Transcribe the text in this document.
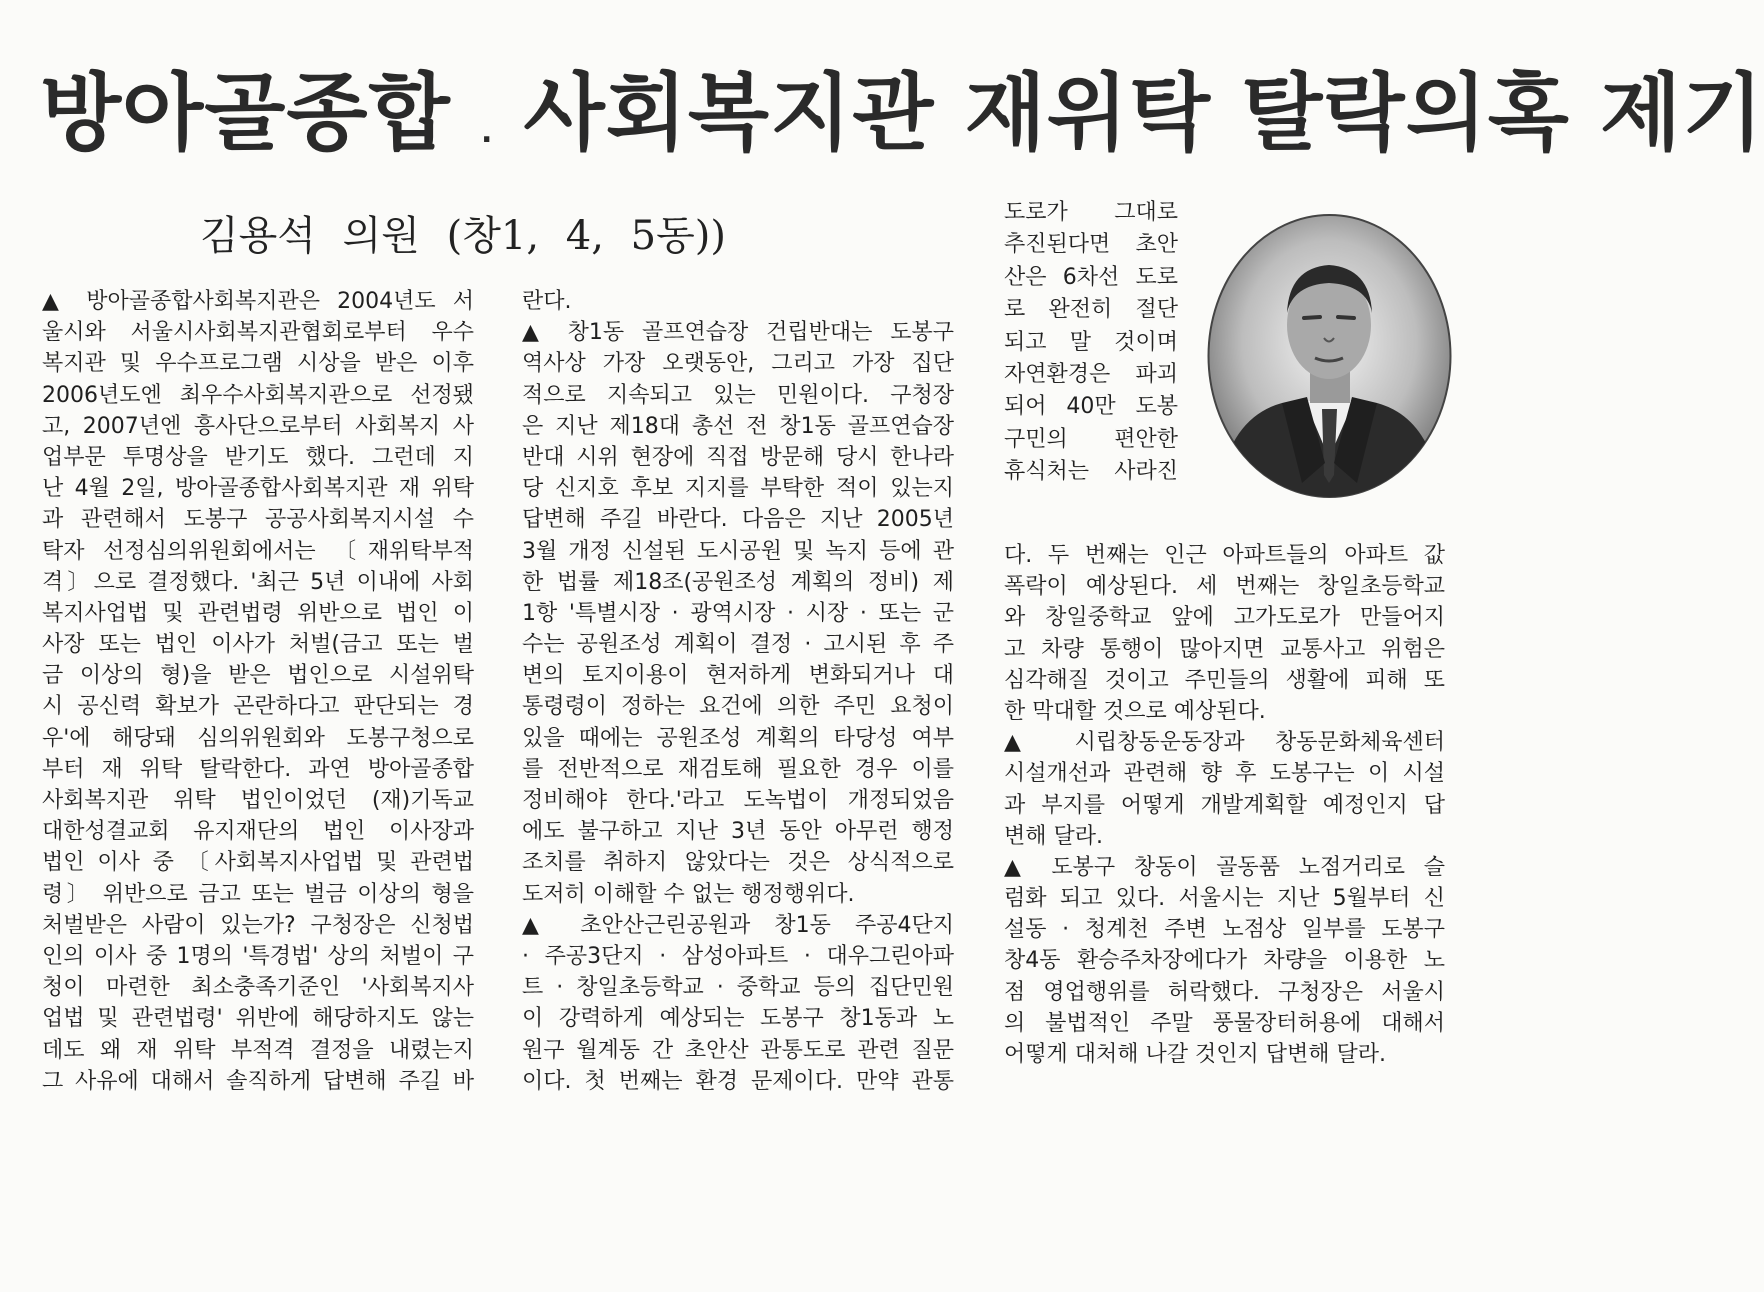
방아골종합 . 사회복지관 재위탁 탈락의혹 제기
김용석 의원 (창1, 4, 5동))
▲ 방아골종합사회복지관은 2004년도 서
울시와 서울시사회복지관협회로부터 우수
복지관 및 우수프로그램 시상을 받은 이후
2006년도엔 최우수사회복지관으로 선정됐
고, 2007년엔 흥사단으로부터 사회복지 사
업부문 투명상을 받기도 했다. 그런데 지
난 4월 2일, 방아골종합사회복지관 재 위탁
과 관련해서 도봉구 공공사회복지시설 수
탁자 선정심의위원회에서는 〔재위탁부적
격〕으로 결정했다. '최근 5년 이내에 사회
복지사업법 및 관련법령 위반으로 법인 이
사장 또는 법인 이사가 처벌(금고 또는 벌
금 이상의 형)을 받은 법인으로 시설위탁
시 공신력 확보가 곤란하다고 판단되는 경
우'에 해당돼 심의위원회와 도봉구청으로
부터 재 위탁 탈락한다. 과연 방아골종합
사회복지관 위탁 법인이었던 (재)기독교
대한성결교회 유지재단의 법인 이사장과
법인 이사 중 〔사회복지사업법 및 관련법
령〕 위반으로 금고 또는 벌금 이상의 형을
처벌받은 사람이 있는가? 구청장은 신청법
인의 이사 중 1명의 '특경법' 상의 처벌이 구
청이 마련한 최소충족기준인 '사회복지사
업법 및 관련법령' 위반에 해당하지도 않는
데도 왜 재 위탁 부적격 결정을 내렸는지
그 사유에 대해서 솔직하게 답변해 주길 바
란다.
▲ 창1동 골프연습장 건립반대는 도봉구
역사상 가장 오랫동안, 그리고 가장 집단
적으로 지속되고 있는 민원이다. 구청장
은 지난 제18대 총선 전 창1동 골프연습장
반대 시위 현장에 직접 방문해 당시 한나라
당 신지호 후보 지지를 부탁한 적이 있는지
답변해 주길 바란다. 다음은 지난 2005년
3월 개정 신설된 도시공원 및 녹지 등에 관
한 법률 제18조(공원조성 계획의 정비) 제
1항 '특별시장 · 광역시장 · 시장 · 또는 군
수는 공원조성 계획이 결정 · 고시된 후 주
변의 토지이용이 현저하게 변화되거나 대
통령령이 정하는 요건에 의한 주민 요청이
있을 때에는 공원조성 계획의 타당성 여부
를 전반적으로 재검토해 필요한 경우 이를
정비해야 한다.'라고 도녹법이 개정되었음
에도 불구하고 지난 3년 동안 아무런 행정
조치를 취하지 않았다는 것은 상식적으로
도저히 이해할 수 없는 행정행위다.
▲ 초안산근린공원과 창1동 주공4단지
· 주공3단지 · 삼성아파트 · 대우그린아파
트 · 창일초등학교 · 중학교 등의 집단민원
이 강력하게 예상되는 도봉구 창1동과 노
원구 월계동 간 초안산 관통도로 관련 질문
이다. 첫 번째는 환경 문제이다. 만약 관통
도로가 그대로
추진된다면 초안
산은 6차선 도로
로 완전히 절단
되고 말 것이며
자연환경은 파괴
되어 40만 도봉
구민의 편안한
휴식처는 사라진
다. 두 번째는 인근 아파트들의 아파트 값
폭락이 예상된다. 세 번째는 창일초등학교
와 창일중학교 앞에 고가도로가 만들어지
고 차량 통행이 많아지면 교통사고 위험은
심각해질 것이고 주민들의 생활에 피해 또
한 막대할 것으로 예상된다.
▲ 시립창동운동장과 창동문화체육센터
시설개선과 관련해 향 후 도봉구는 이 시설
과 부지를 어떻게 개발계획할 예정인지 답
변해 달라.
▲ 도봉구 창동이 골동품 노점거리로 슬
럼화 되고 있다. 서울시는 지난 5월부터 신
설동 · 청계천 주변 노점상 일부를 도봉구
창4동 환승주차장에다가 차량을 이용한 노
점 영업행위를 허락했다. 구청장은 서울시
의 불법적인 주말 풍물장터허용에 대해서
어떻게 대처해 나갈 것인지 답변해 달라.
